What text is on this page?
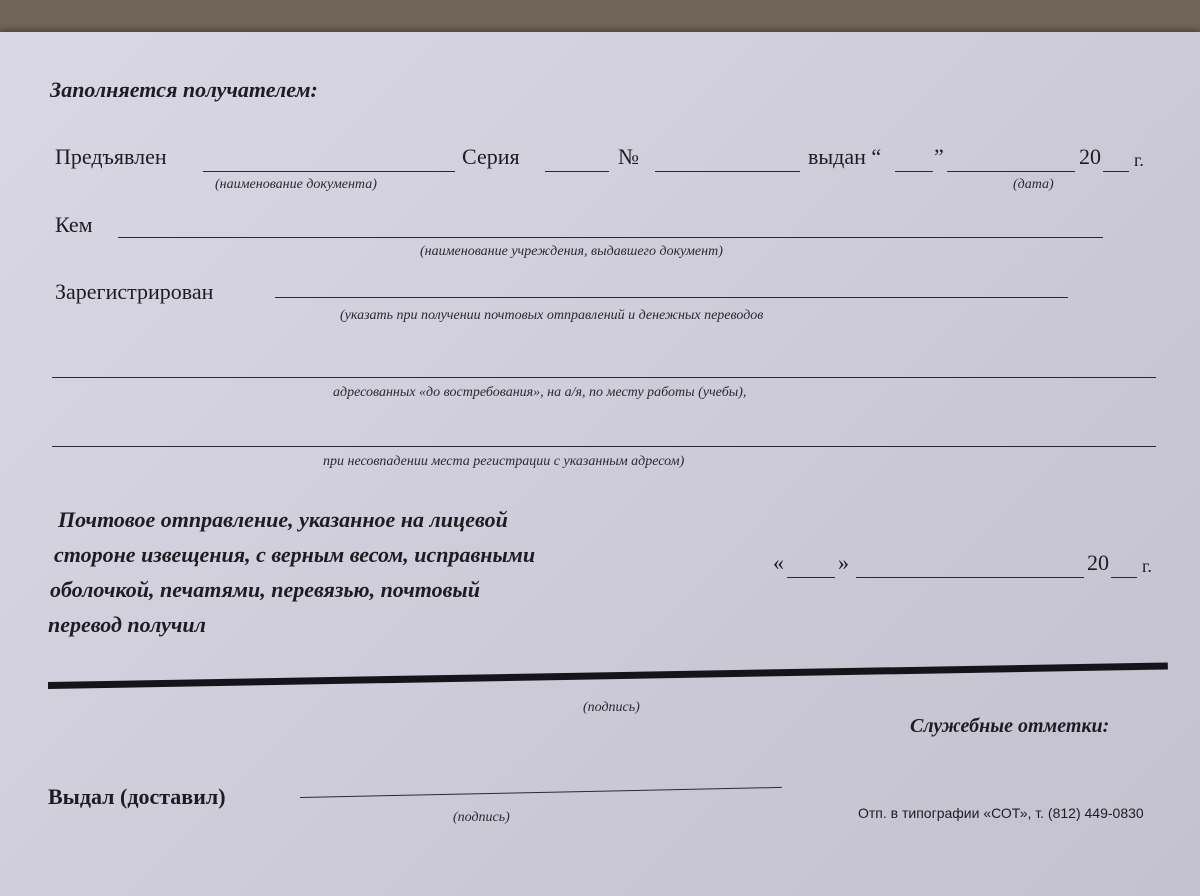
Заполняется получателем:
Предъявлен
(наименование документа)
Серия	№	выдан “ ”	20 г.
(дата)
Кем
(наименование учреждения, выдавшего документ)
Зарегистрирован
(указать при получении почтовых отправлений и денежных переводов
адресованных «до востребования», на а/я, по месту работы (учебы),
при несовпадении места регистрации с указанным адресом)
Почтовое отправление, указанное на лицевой
стороне извещения, с верным весом, исправными
оболочкой, печатями, перевязью, почтовый
перевод получил
« »	20 г.
(подпись)
Служебные отметки:
Выдал (доставил)
(подпись)	Отп. в типографии «СОТ», т. (812) 449-0830
